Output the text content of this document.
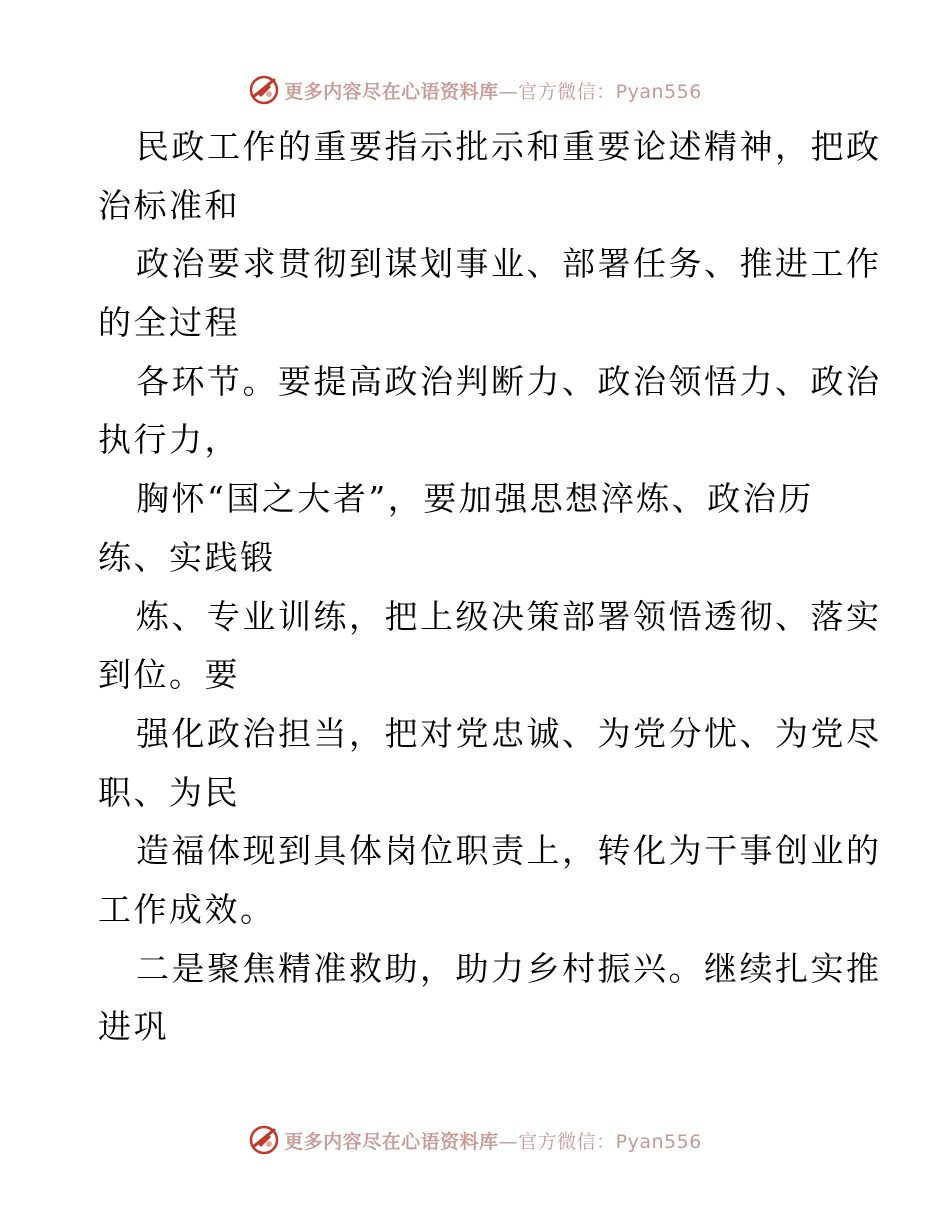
更多内容尽在心语资料库—官方微信：Pyan556
民政工作的重要指示批示和重要论述精神，把政
治标准和
政治要求贯彻到谋划事业、部署任务、推进工作
的全过程
各环节。要提高政治判断力、政治领悟力、政治
执行力，
胸怀“国之大者”，要加强思想淬炼、政治历
练、实践锻
炼、专业训练，把上级决策部署领悟透彻、落实
到位。要
强化政治担当，把对党忠诚、为党分忧、为党尽
职、为民
造福体现到具体岗位职责上，转化为干事创业的
工作成效。
二是聚焦精准救助，助力乡村振兴。继续扎实推
进巩
更多内容尽在心语资料库—官方微信：Pyan556
